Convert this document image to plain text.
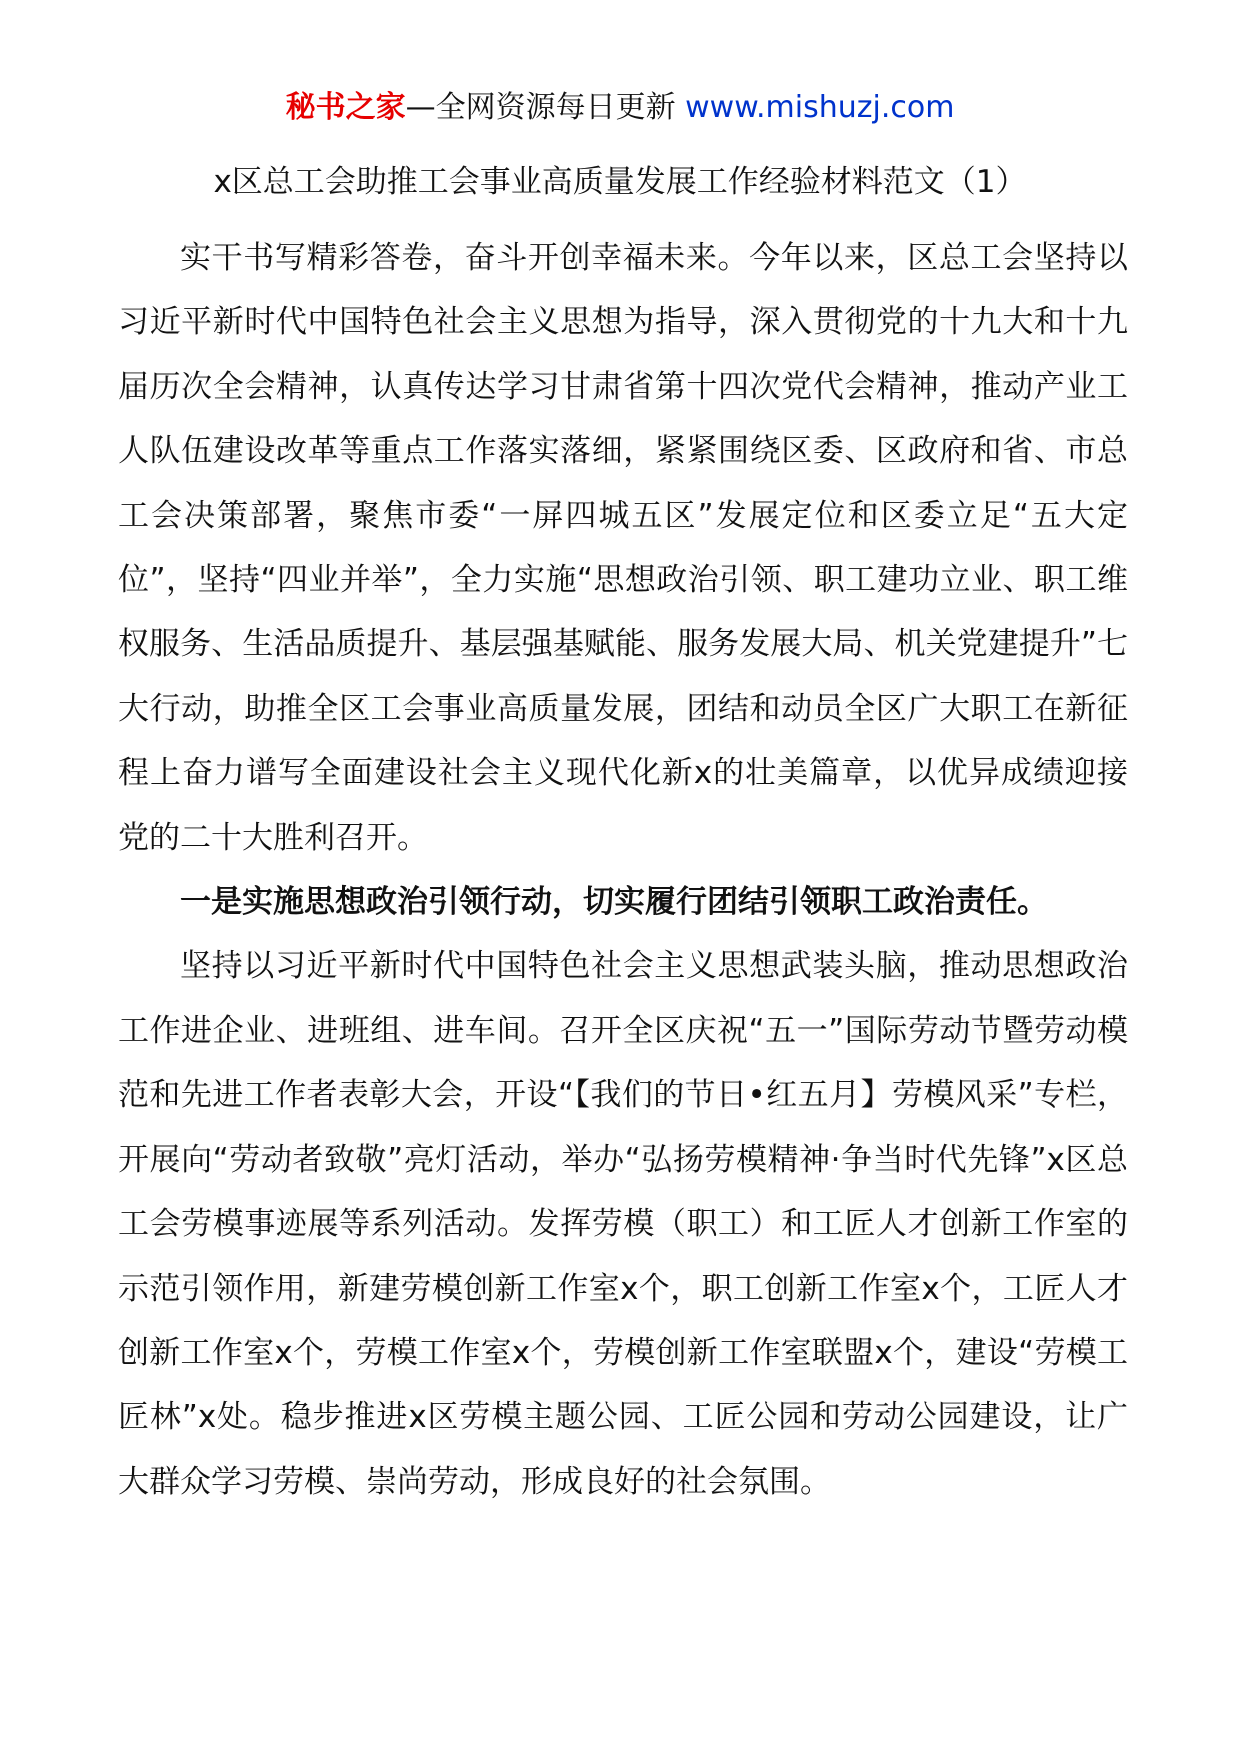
秘书之家—全网资源每日更新 www.mishuzj.com
x区总工会助推工会事业高质量发展工作经验材料范文（1）

实干书写精彩答卷，奋斗开创幸福未来。今年以来，区总工会坚持以习近平新时代中国特色社会主义思想为指导，深入贯彻党的十九大和十九届历次全会精神，认真传达学习甘肃省第十四次党代会精神，推动产业工人队伍建设改革等重点工作落实落细，紧紧围绕区委、区政府和省、市总工会决策部署，聚焦市委“一屏四城五区”发展定位和区委立足“五大定位”，坚持“四业并举”，全力实施“思想政治引领、职工建功立业、职工维权服务、生活品质提升、基层强基赋能、服务发展大局、机关党建提升”七大行动，助推全区工会事业高质量发展，团结和动员全区广大职工在新征程上奋力谱写全面建设社会主义现代化新x的壮美篇章，以优异成绩迎接党的二十大胜利召开。

一是实施思想政治引领行动，切实履行团结引领职工政治责任。

坚持以习近平新时代中国特色社会主义思想武装头脑，推动思想政治工作进企业、进班组、进车间。召开全区庆祝“五一”国际劳动节暨劳动模范和先进工作者表彰大会，开设“【我们的节日•红五月】劳模风采”专栏，开展向“劳动者致敬”亮灯活动，举办“弘扬劳模精神·争当时代先锋”x区总工会劳模事迹展等系列活动。发挥劳模（职工）和工匠人才创新工作室的示范引领作用，新建劳模创新工作室x个，职工创新工作室x个，工匠人才创新工作室x个，劳模工作室x个，劳模创新工作室联盟x个，建设“劳模工匠林”x处。稳步推进x区劳模主题公园、工匠公园和劳动公园建设，让广大群众学习劳模、崇尚劳动，形成良好的社会氛围。
